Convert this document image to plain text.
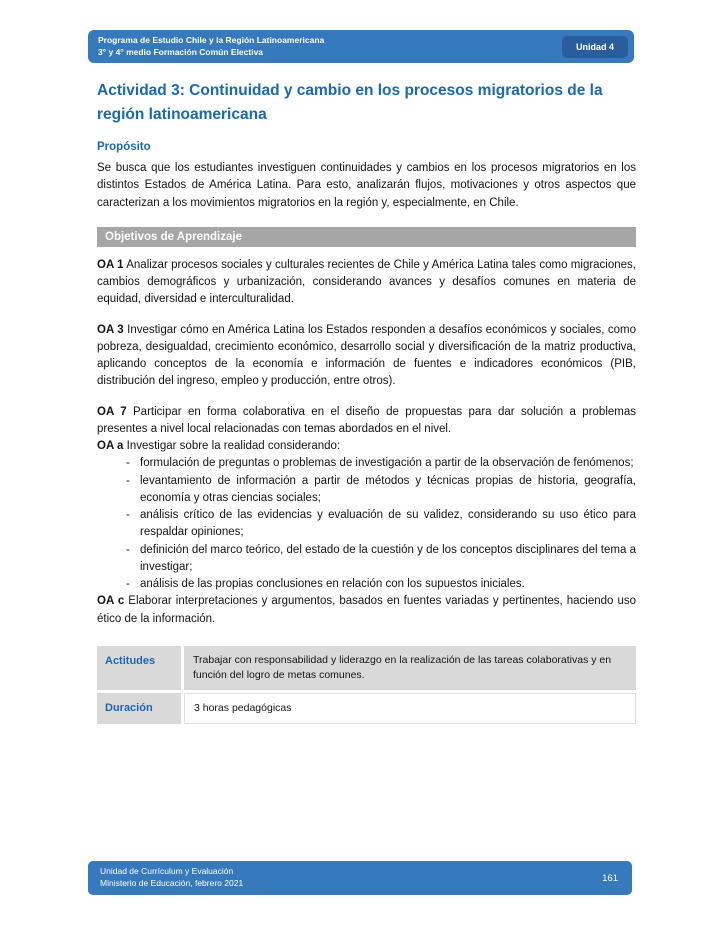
Programa de Estudio Chile y la Región Latinoamericana
3° y 4° medio Formación Común Electiva	Unidad 4
Actividad 3: Continuidad y cambio en los procesos migratorios de la región latinoamericana
Propósito

Se busca que los estudiantes investiguen continuidades y cambios en los procesos migratorios en los distintos Estados de América Latina. Para esto, analizarán flujos, motivaciones y otros aspectos que caracterizan a los movimientos migratorios en la región y, especialmente, en Chile.

Objetivos de Aprendizaje

OA 1 Analizar procesos sociales y culturales recientes de Chile y América Latina tales como migraciones, cambios demográficos y urbanización, considerando avances y desafíos comunes en materia de equidad, diversidad e interculturalidad.

OA 3 Investigar cómo en América Latina los Estados responden a desafíos económicos y sociales, como pobreza, desigualdad, crecimiento económico, desarrollo social y diversificación de la matriz productiva, aplicando conceptos de la economía e información de fuentes e indicadores económicos (PIB, distribución del ingreso, empleo y producción, entre otros).

OA 7 Participar en forma colaborativa en el diseño de propuestas para dar solución a problemas presentes a nivel local relacionadas con temas abordados en el nivel.

OA a Investigar sobre la realidad considerando:

- formulación de preguntas o problemas de investigación a partir de la observación de fenómenos;
- levantamiento de información a partir de métodos y técnicas propias de historia, geografía, economía y otras ciencias sociales;
- análisis crítico de las evidencias y evaluación de su validez, considerando su uso ético para respaldar opiniones;
- definición del marco teórico, del estado de la cuestión y de los conceptos disciplinares del tema a investigar;
- análisis de las propias conclusiones en relación con los supuestos iniciales.

OA c Elaborar interpretaciones y argumentos, basados en fuentes variadas y pertinentes, haciendo uso ético de la información.

Actitudes	Trabajar con responsabilidad y liderazgo en la realización de las tareas colaborativas y en función del logro de metas comunes.
Duración	3 horas pedagógicas
Unidad de Currículum y Evaluación
Ministerio de Educación, febrero 2021	161
